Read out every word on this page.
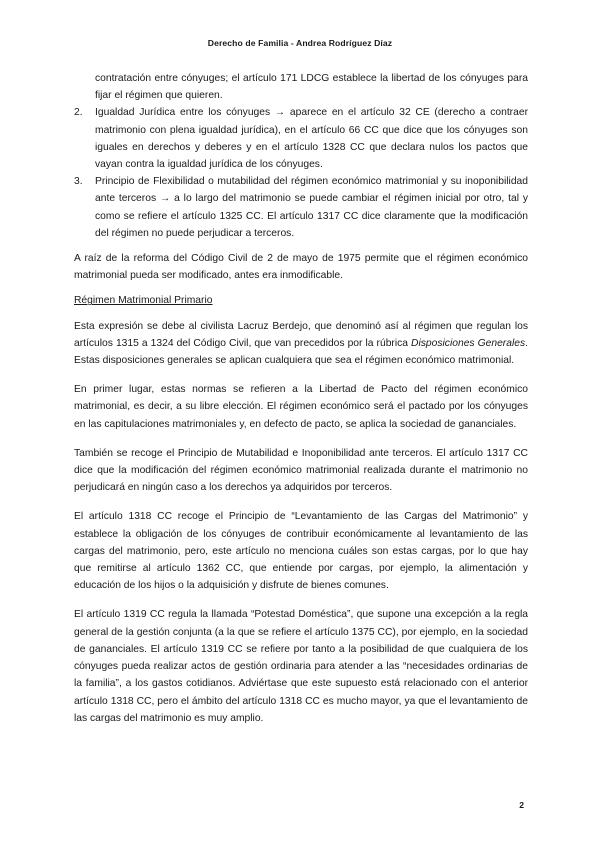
Derecho de Familia - Andrea Rodríguez Díaz

contratación entre cónyuges; el artículo 171 LDCG establece la libertad de los cónyuges para fijar el régimen que quieren.

2.	Igualdad Jurídica entre los cónyuges → aparece en el artículo 32 CE (derecho a contraer matrimonio con plena igualdad jurídica), en el artículo 66 CC que dice que los cónyuges son iguales en derechos y deberes y en el artículo 1328 CC que declara nulos los pactos que vayan contra la igualdad jurídica de los cónyuges.
3.	Principio de Flexibilidad o mutabilidad del régimen económico matrimonial y su inoponibilidad ante terceros → a lo largo del matrimonio se puede cambiar el régimen inicial por otro, tal y como se refiere el artículo 1325 CC. El artículo 1317 CC dice claramente que la modificación del régimen no puede perjudicar a terceros.

A raíz de la reforma del Código Civil de 2 de mayo de 1975 permite que el régimen económico matrimonial pueda ser modificado, antes era inmodificable.

Régimen Matrimonial Primario

Esta expresión se debe al civilista Lacruz Berdejo, que denominó así al régimen que regulan los artículos 1315 a 1324 del Código Civil, que van precedidos por la rúbrica Disposiciones Generales. Estas disposiciones generales se aplican cualquiera que sea el régimen económico matrimonial.

En primer lugar, estas normas se refieren a la Libertad de Pacto del régimen económico matrimonial, es decir, a su libre elección. El régimen económico será el pactado por los cónyuges en las capitulaciones matrimoniales y, en defecto de pacto, se aplica la sociedad de gananciales.

También se recoge el Principio de Mutabilidad e Inoponibilidad ante terceros. El artículo 1317 CC dice que la modificación del régimen económico matrimonial realizada durante el matrimonio no perjudicará en ningún caso a los derechos ya adquiridos por terceros.

El artículo 1318 CC recoge el Principio de “Levantamiento de las Cargas del Matrimonio” y establece la obligación de los cónyuges de contribuir económicamente al levantamiento de las cargas del matrimonio, pero, este artículo no menciona cuáles son estas cargas, por lo que hay que remitirse al artículo 1362 CC, que entiende por cargas, por ejemplo, la alimentación y educación de los hijos o la adquisición y disfrute de bienes comunes.

El artículo 1319 CC regula la llamada “Potestad Doméstica”, que supone una excepción a la regla general de la gestión conjunta (a la que se refiere el artículo 1375 CC), por ejemplo, en la sociedad de gananciales. El artículo 1319 CC se refiere por tanto a la posibilidad de que cualquiera de los cónyuges pueda realizar actos de gestión ordinaria para atender a las “necesidades ordinarias de la familia”, a los gastos cotidianos. Adviértase que este supuesto está relacionado con el anterior artículo 1318 CC, pero el ámbito del artículo 1318 CC es mucho mayor, ya que el levantamiento de las cargas del matrimonio es muy amplio.

2
